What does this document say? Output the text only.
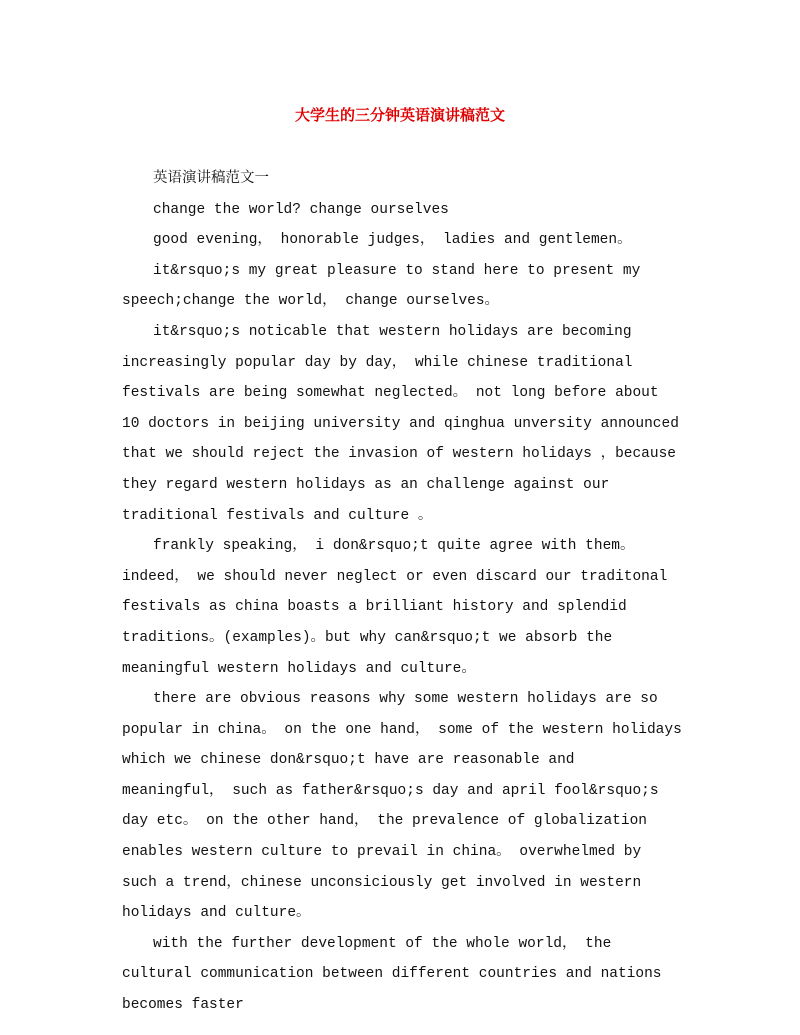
大学生的三分钟英语演讲稿范文

英语演讲稿范文一

change the world? change ourselves

good evening， honorable judges， ladies and gentlemen。

it&rsquo;s my great pleasure to stand here to present my speech;change the world， change ourselves。

it&rsquo;s noticable that western holidays are becoming increasingly popular day by day， while chinese traditional festivals are being somewhat neglected。 not long before about 10 doctors in beijing university and qinghua unversity announced that we should reject the invasion of western holidays ，because they regard western holidays as an challenge against our traditional festivals and culture 。

frankly speaking， i don&rsquo;t quite agree with them。indeed， we should never neglect or even discard our traditonal festivals as china boasts a brilliant history and splendid traditions。(examples)。but why can&rsquo;t we absorb the meaningful western holidays and culture。

there are obvious reasons why some western holidays are so popular in china。 on the one hand， some of the western holidays which we chinese don&rsquo;t have are reasonable and meaningful， such as father&rsquo;s day and april fool&rsquo;s day etc。 on the other hand， the prevalence of globalization enables western culture to prevail in china。 overwhelmed by such a trend，chinese unconsiciously get involved in western holidays and culture。

with the further development of the whole world， the cultural communication between different countries and nations becomes faster
